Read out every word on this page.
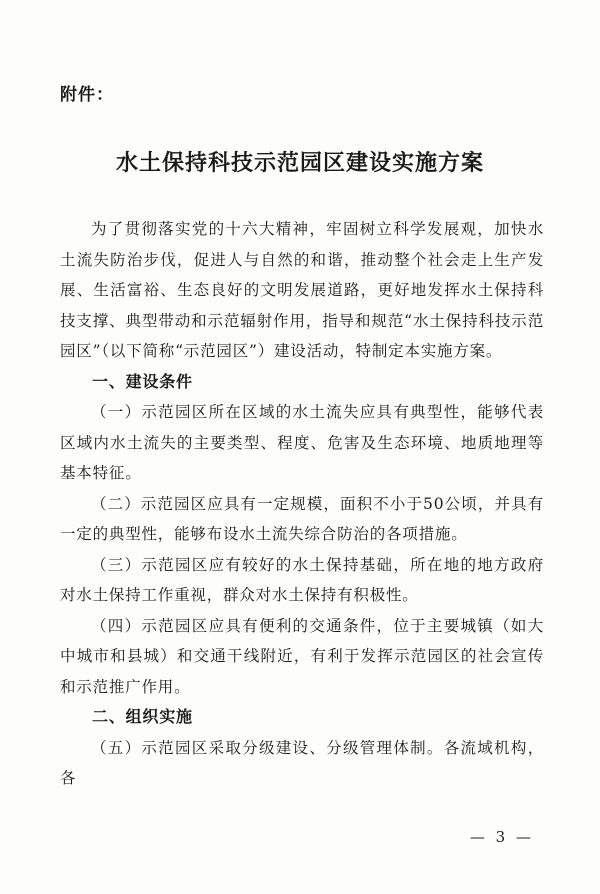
附件：
水土保持科技示范园区建设实施方案

为了贯彻落实党的十六大精神，牢固树立科学发展观，加快水土流失防治步伐，促进人与自然的和谐，推动整个社会走上生产发展、生活富裕、生态良好的文明发展道路，更好地发挥水土保持科技支撑、典型带动和示范辐射作用，指导和规范“水土保持科技示范园区”（以下简称“示范园区”）建设活动，特制定本实施方案。

一、建设条件

（一）示范园区所在区域的水土流失应具有典型性，能够代表区域内水土流失的主要类型、程度、危害及生态环境、地质地理等基本特征。

（二）示范园区应具有一定规模，面积不小于50公顷，并具有一定的典型性，能够布设水土流失综合防治的各项措施。

（三）示范园区应有较好的水土保持基础，所在地的地方政府对水土保持工作重视，群众对水土保持有积极性。

（四）示范园区应具有便利的交通条件，位于主要城镇（如大中城市和县城）和交通干线附近，有利于发挥示范园区的社会宣传和示范推广作用。

二、组织实施

（五）示范园区采取分级建设、分级管理体制。各流域机构，各

— 3 —
